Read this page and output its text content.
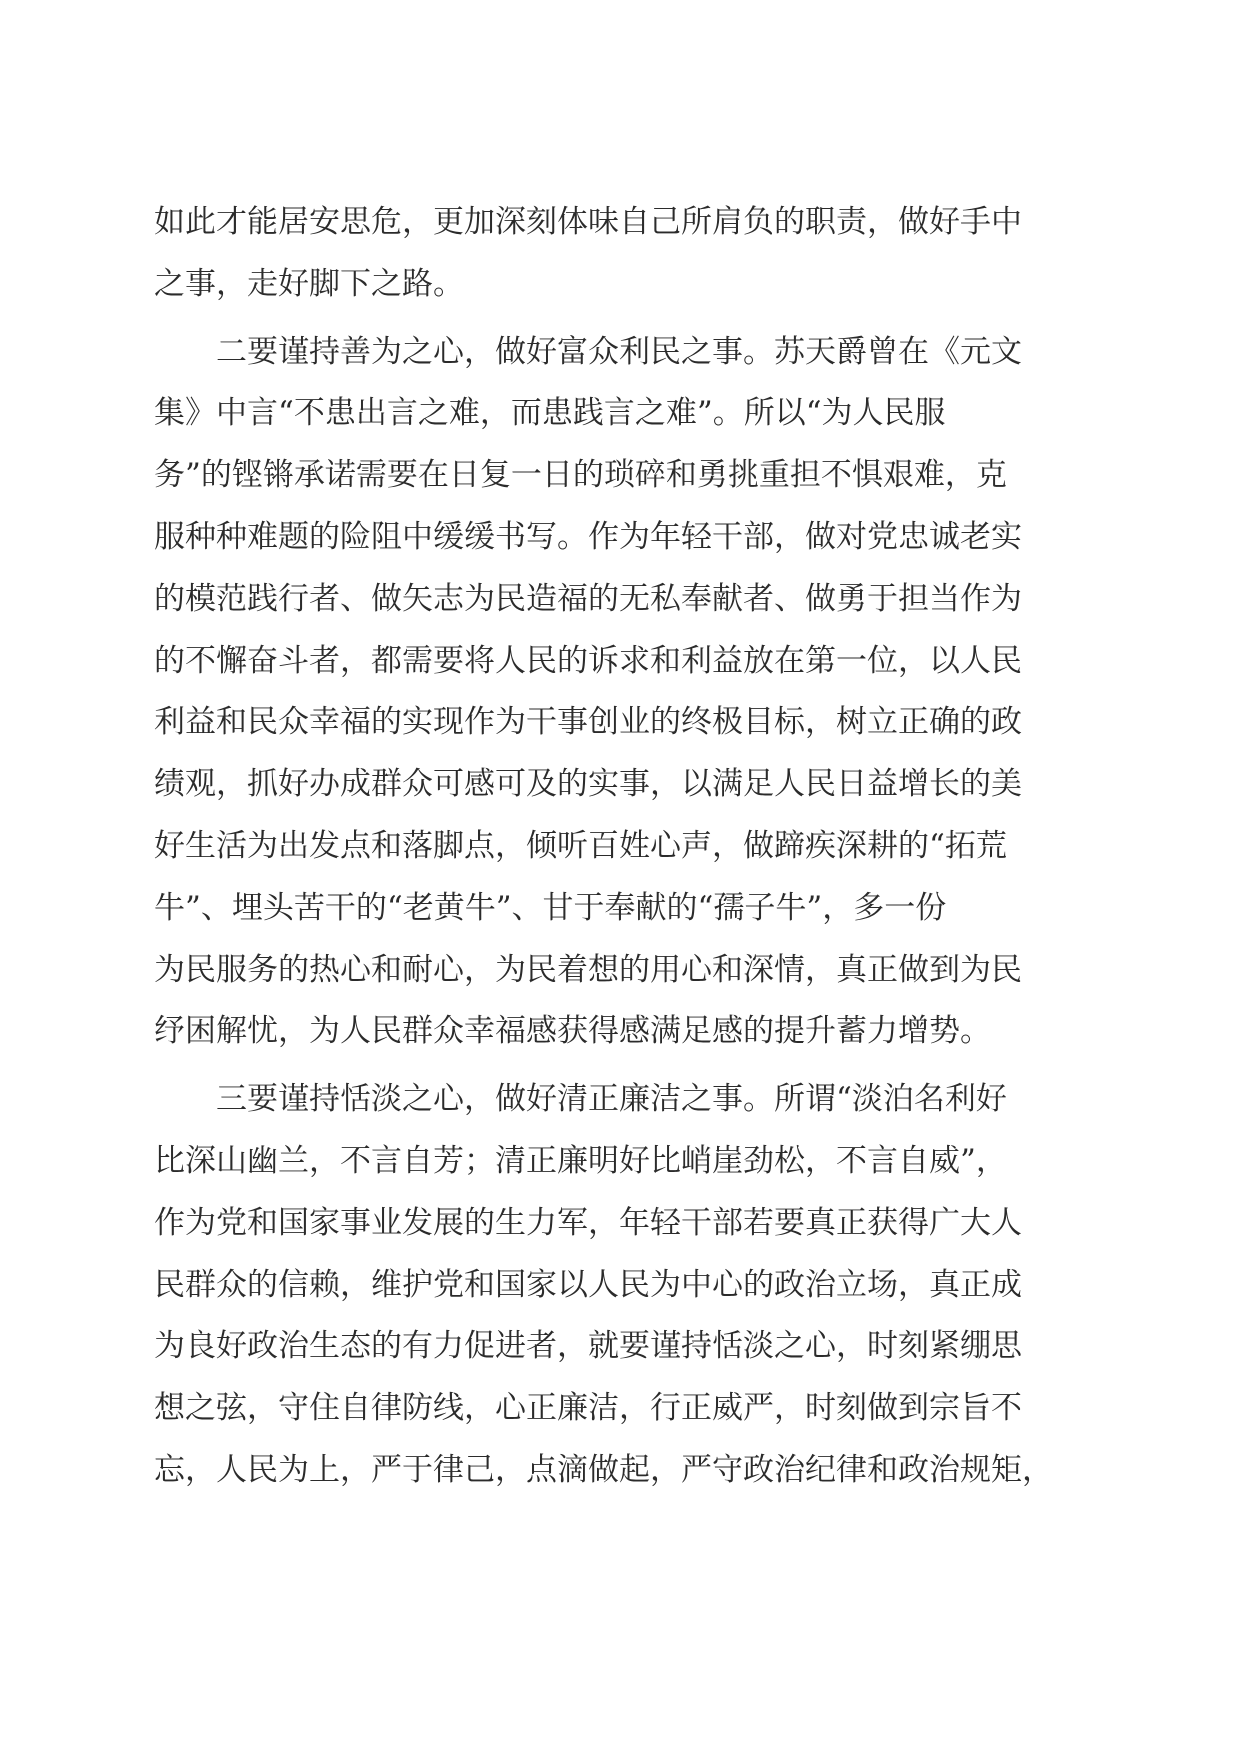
如此才能居安思危，更加深刻体味自己所肩负的职责，做好手中
之事，走好脚下之路。
二要谨持善为之心，做好富众利民之事。苏天爵曾在《元文
集》中言“不患出言之难，而患践言之难”。所以“为人民服
务”的铿锵承诺需要在日复一日的琐碎和勇挑重担不惧艰难，克
服种种难题的险阻中缓缓书写。作为年轻干部，做对党忠诚老实
的模范践行者、做矢志为民造福的无私奉献者、做勇于担当作为
的不懈奋斗者，都需要将人民的诉求和利益放在第一位，以人民
利益和民众幸福的实现作为干事创业的终极目标，树立正确的政
绩观，抓好办成群众可感可及的实事，以满足人民日益增长的美
好生活为出发点和落脚点，倾听百姓心声，做蹄疾深耕的“拓荒
牛”、埋头苦干的“老黄牛”、甘于奉献的“孺子牛”，多一份
为民服务的热心和耐心，为民着想的用心和深情，真正做到为民
纾困解忧，为人民群众幸福感获得感满足感的提升蓄力增势。
三要谨持恬淡之心，做好清正廉洁之事。所谓“淡泊名利好
比深山幽兰，不言自芳；清正廉明好比峭崖劲松，不言自威”，
作为党和国家事业发展的生力军，年轻干部若要真正获得广大人
民群众的信赖，维护党和国家以人民为中心的政治立场，真正成
为良好政治生态的有力促进者，就要谨持恬淡之心，时刻紧绷思
想之弦，守住自律防线，心正廉洁，行正威严，时刻做到宗旨不
忘，人民为上，严于律己，点滴做起，严守政治纪律和政治规矩，
